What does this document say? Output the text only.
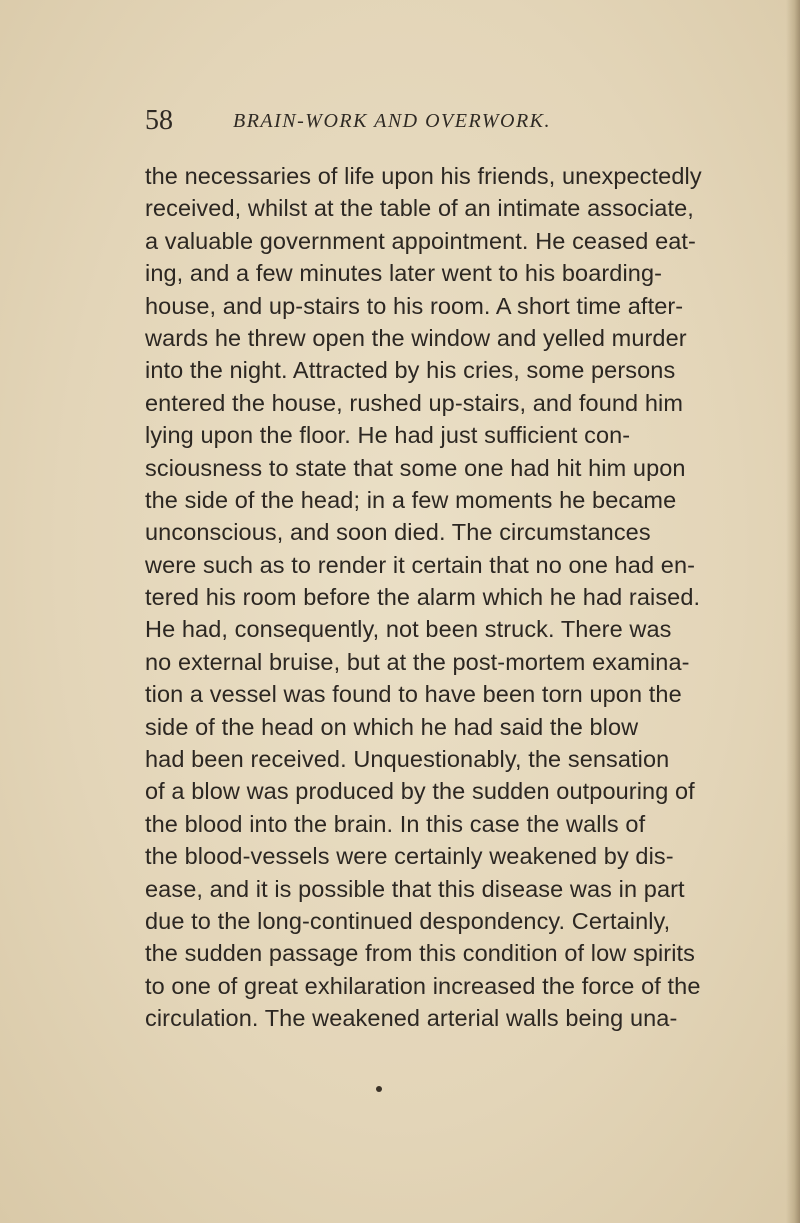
58	BRAIN-WORK AND OVERWORK.
the necessaries of life upon his friends, unexpectedly
received, whilst at the table of an intimate associate,
a valuable government appointment. He ceased eat-
ing, and a few minutes later went to his boarding-
house, and up-stairs to his room. A short time after-
wards he threw open the window and yelled murder
into the night. Attracted by his cries, some persons
entered the house, rushed up-stairs, and found him
lying upon the floor. He had just sufficient con-
sciousness to state that some one had hit him upon
the side of the head; in a few moments he became
unconscious, and soon died. The circumstances
were such as to render it certain that no one had en-
tered his room before the alarm which he had raised.
He had, consequently, not been struck. There was
no external bruise, but at the post-mortem examina-
tion a vessel was found to have been torn upon the
side of the head on which he had said the blow
had been received. Unquestionably, the sensation
of a blow was produced by the sudden outpouring of
the blood into the brain. In this case the walls of
the blood-vessels were certainly weakened by dis-
ease, and it is possible that this disease was in part
due to the long-continued despondency. Certainly,
the sudden passage from this condition of low spirits
to one of great exhilaration increased the force of the
circulation. The weakened arterial walls being una-
